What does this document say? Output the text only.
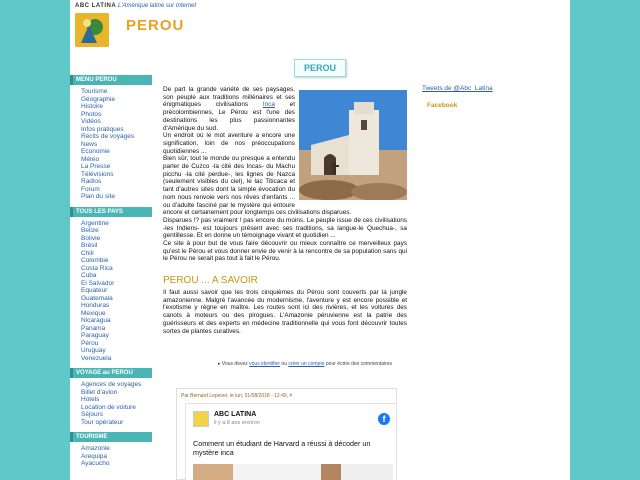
ABC LATINA L'Amérique latine sur Internet
PEROU
PEROU
MENU PEROU
Tourisme
Géographie
Histoire
Photos
Vidéos
Infos pratiques
Récits de voyages
News
Economie
Météo
La Presse
Télévisions
Radios
Forum
Plan du site
TOUS LES PAYS
Argentine
Belize
Bolivie
Brésil
Chili
Colombie
Costa Rica
Cuba
El Salvador
Equateur
Guatemala
Honduras
Mexique
Nicaragua
Panama
Paraguay
Pérou
Uruguay
Venezuela
VOYAGE au PEROU
Agences de voyages
Billet d'avion
Hotels
Location de voiture
Séjours
Tour opérateur
TOURISME
Amazonie
Arequipa
Ayacucho

De part la grande variété de ses paysages, son peuple aux traditions millénaires et ses énigmatiques civilisations Inca et précolombiennes, Le Pérou est l'une des destinations les plus passionnantes d'Amérique du sud.

Un endroit où le mot aventure a encore une signification, loin de nos préoccupations quotidiennes ...

Bien sûr, tout le monde ou presque a entendu parler de Cuzco -la cité des Incas- du Machu picchu -la cité perdue-, les lignes de Nazca (seulement visibles du ciel), le lac Titicaca et tant d'autres sites dont la simple évocation du nom nous renvoie vers nos rêves d'enfants ... ou d'adulte fasciné par le mystère qui entoure encore et certainement pour longtemps ces civilisations disparues.

Disparues !? pas vraiment ! pas encore du moins. Le peuple issue de ces civilisations -les Indiens- est toujours présent avec ses traditions, sa langue-le Quechua-, sa gentillesse. Et en donne un témoignage vivant et quotidien ...

Ce site à pour but de vous faire découvrir ou mieux connaître ce merveilleux pays qu'est le Pérou et vous donner envie de venir à la rencontre de sa population sans qui le Pérou ne serait pas tout à fait le Pérou.

PEROU ... A SAVOIR
Il faut aussi savoir que les trois cinquièmes du Pérou sont couverts par la jungle amazonienne. Malgré l'avancée du modernisme, l'aventure y est encore possible et l'exotisme y règne en maître. Les routes sont ici des rivières, et les voitures des canots à moteurs ou des pirogues. L'Amazonie péruvienne est la patrie des guérisseurs et des experts en médecine traditionnelle qui vous font découvrir toutes sortes de plantes curatives.
▸ Vous devez vous identifier ou créer un compte pour écrire des commentaires
Par Bernard Lepever, le lun, 01/08/2018 - 12:49, #
ABC LATINA
il y a 8 ans environ	f
Comment un étudiant de Harvard a réussi à décoder un mystère inca
Tweets de @Abc_Latina
Facebook
